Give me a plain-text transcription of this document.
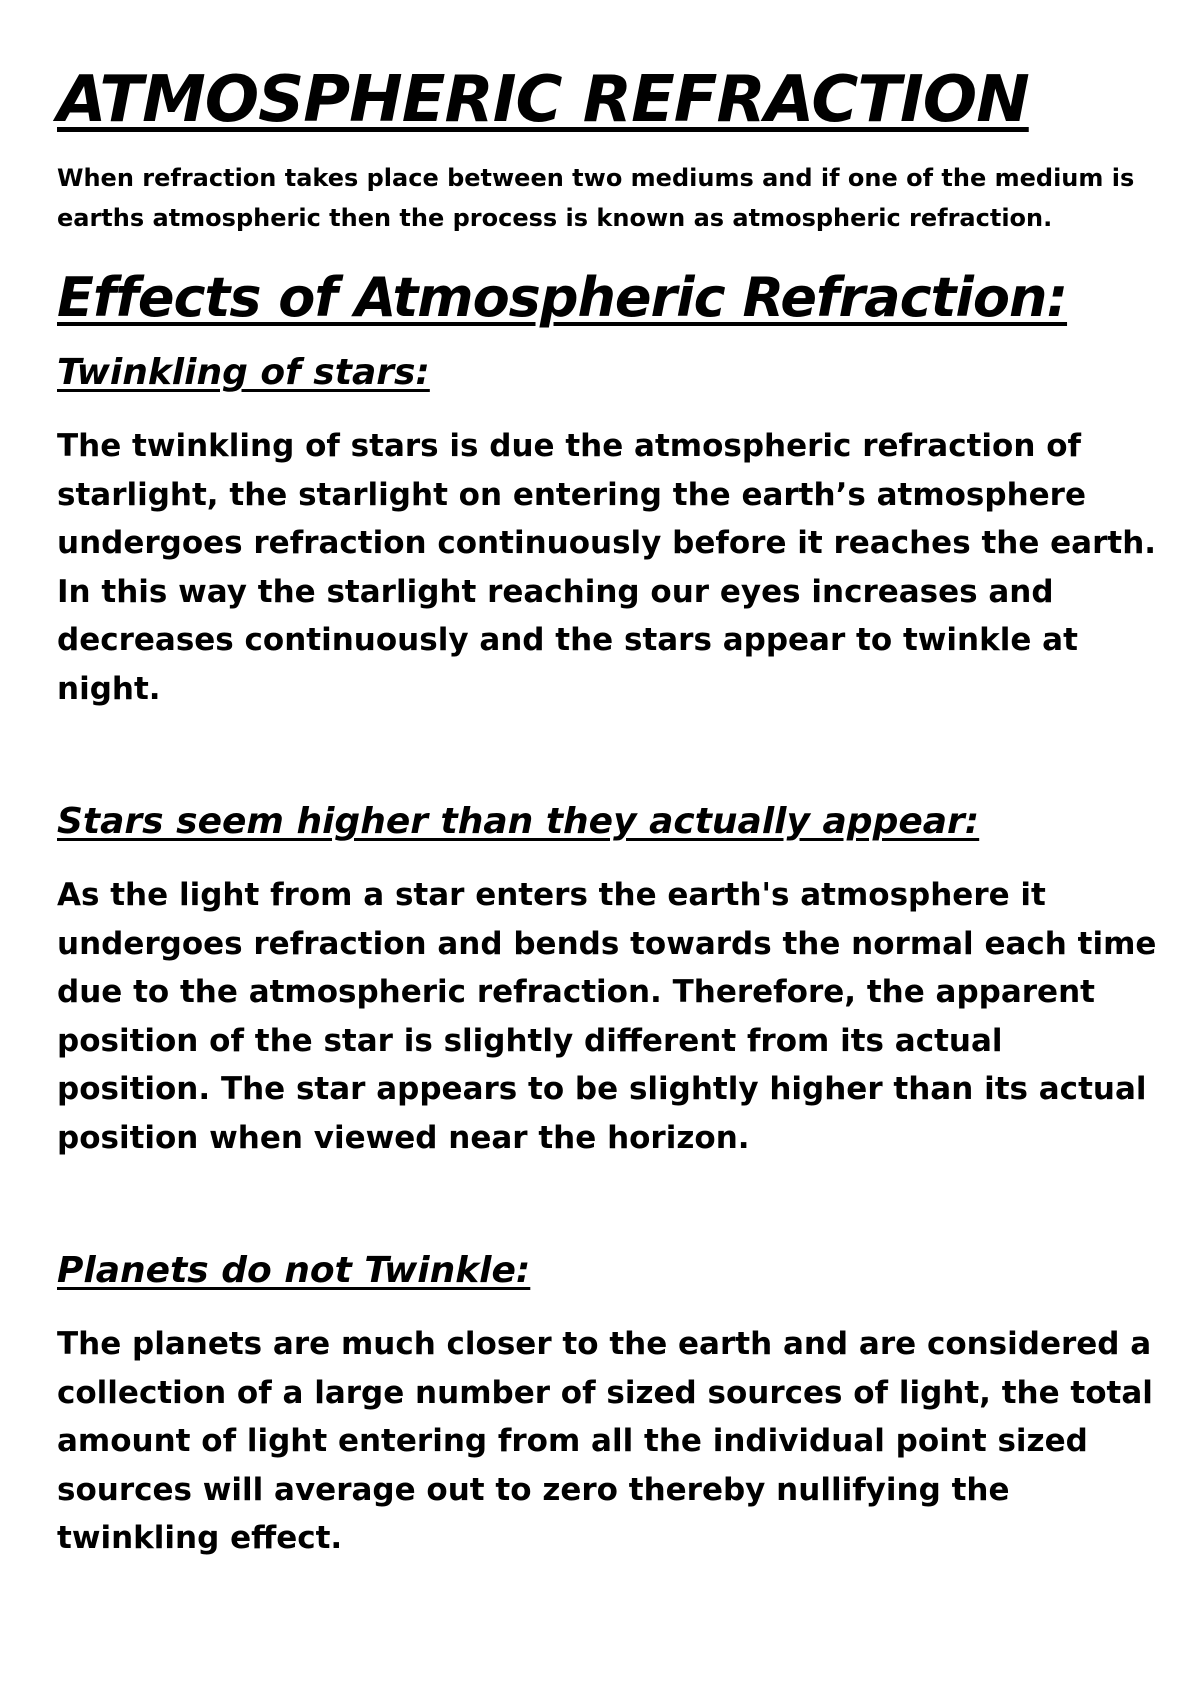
ATMOSPHERIC REFRACTION

When refraction takes place between two mediums and if one of the medium is earths atmospheric then the process is known as atmospheric refraction.

Effects of Atmospheric Refraction:
Twinkling of stars:

The twinkling of stars is due the atmospheric refraction of starlight, the starlight on entering the earth’s atmosphere undergoes refraction continuously before it reaches the earth. In this way the starlight reaching our eyes increases and decreases continuously and the stars appear to twinkle at night.

Stars seem higher than they actually appear:

As the light from a star enters the earth's atmosphere it undergoes refraction and bends towards the normal each time due to the atmospheric refraction. Therefore, the apparent position of the star is slightly different from its actual position. The star appears to be slightly higher than its actual position when viewed near the horizon.

Planets do not Twinkle:

The planets are much closer to the earth and are considered a collection of a large number of sized sources of light, the total amount of light entering from all the individual point sized sources will average out to zero thereby nullifying the twinkling effect.
